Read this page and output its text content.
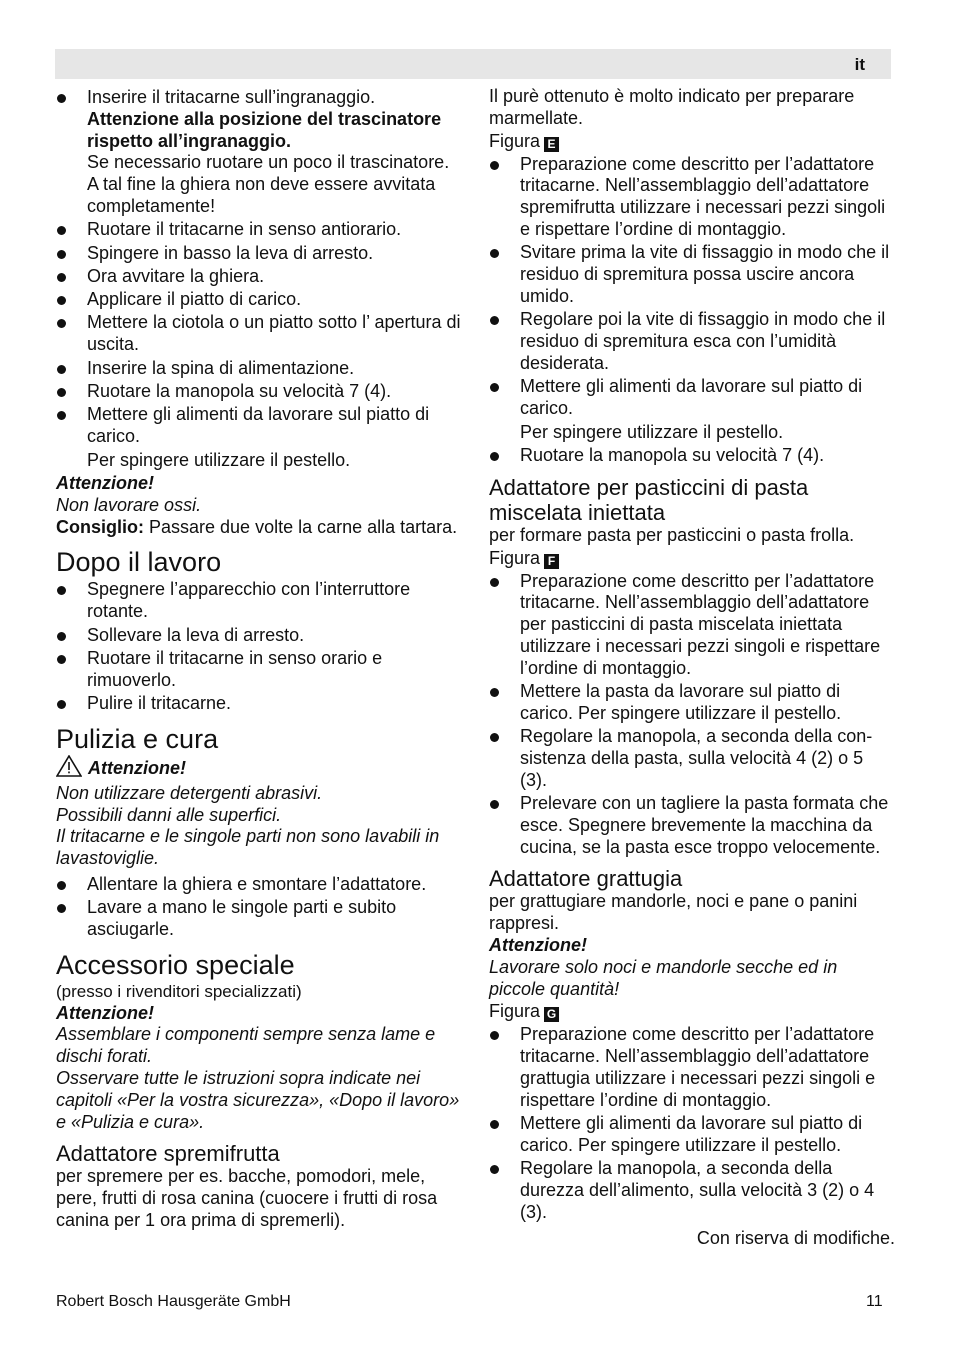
it
Inserire il tritacarne sull’ingranaggio.
Attenzione alla posizione del trascinatore rispetto all’ingranaggio.
Se necessario ruotare un poco il trascinatore. A tal fine la ghiera non deve essere avvitata completamente!
Ruotare il tritacarne in senso antiorario.
Spingere in basso la leva di arresto.
Ora avvitare la ghiera.
Applicare il piatto di carico.
Mettere la ciotola o un piatto sotto l’ apertura di uscita.
Inserire la spina di alimentazione.
Ruotare la manopola su velocità 7 (4).
Mettere gli alimenti da lavorare sul piatto di carico.
Per spingere utilizzare il pestello.

Attenzione!

Non lavorare ossi.

Consiglio: Passare due volte la carne alla tartara.

Dopo il lavoro
Spegnere l’apparecchio con l’interruttore rotante.
Sollevare la leva di arresto.
Ruotare il tritacarne in senso orario e rimuoverlo.
Pulire il tritacarne.
Pulizia e cura

Attenzione!

Non utilizzare detergenti abrasivi.

Possibili danni alle superfici.

Il tritacarne e le singole parti non sono lavabili in lavastoviglie.

Allentare la ghiera e smontare l’adattatore.
Lavare a mano le singole parti e subito asciugarle.
Accessorio speciale

(presso i rivenditori specializzati)

Attenzione!

Assemblare i componenti sempre senza lame e dischi forati.

Osservare tutte le istruzioni sopra indicate nei capitoli «Per la vostra sicurezza», «Dopo il lavoro» e «Pulizia e cura».

Adattatore spremifrutta

per spremere per es. bacche, pomodori, mele, pere, frutti di rosa canina (cuocere i frutti di rosa canina per 1 ora prima di spremerli).

Il purè ottenuto è molto indicato per preparare marmellate.

Figura E

Preparazione come descritto per l’adattatore tritacarne. Nell’assemblaggio dell’adattatore spremifrutta utilizzare i necessari pezzi singoli e rispettare l’ordine di montaggio.
Svitare prima la vite di fissaggio in modo che il residuo di spremitura possa uscire ancora umido.
Regolare poi la vite di fissaggio in modo che il residuo di spremitura esca con l’umidità desiderata.
Mettere gli alimenti da lavorare sul piatto di carico.
Per spingere utilizzare il pestello.
Ruotare la manopola su velocità 7 (4).
Adattatore per pasticcini di pasta miscelata iniettata

per formare pasta per pasticcini o pasta frolla.

Figura F

Preparazione come descritto per l’adattatore tritacarne. Nell’assemblaggio dell’adattatore per pasticcini di pasta miscelata iniettata utilizzare i necessari pezzi singoli e rispettare l’ordine di montaggio.
Mettere la pasta da lavorare sul piatto di carico. Per spingere utilizzare il pestello.
Regolare la manopola, a seconda della con-sistenza della pasta, sulla velocità 4 (2) o 5 (3).
Prelevare con un tagliere la pasta formata che esce. Spegnere brevemente la macchina da cucina, se la pasta esce troppo velocemente.
Adattatore grattugia

per grattugiare mandorle, noci e pane o panini rappresi.

Attenzione!

Lavorare solo noci e mandorle secche ed in piccole quantità!

Figura G

Preparazione come descritto per l’adattatore tritacarne. Nell’assemblaggio dell’adattatore grattugia utilizzare i necessari pezzi singoli e rispettare l’ordine di montaggio.
Mettere gli alimenti da lavorare sul piatto di carico. Per spingere utilizzare il pestello.
Regolare la manopola, a seconda della durezza dell’alimento, sulla velocità 3 (2) o 4 (3).

Con riserva di modifiche.

Robert Bosch Hausgeräte GmbH	11
